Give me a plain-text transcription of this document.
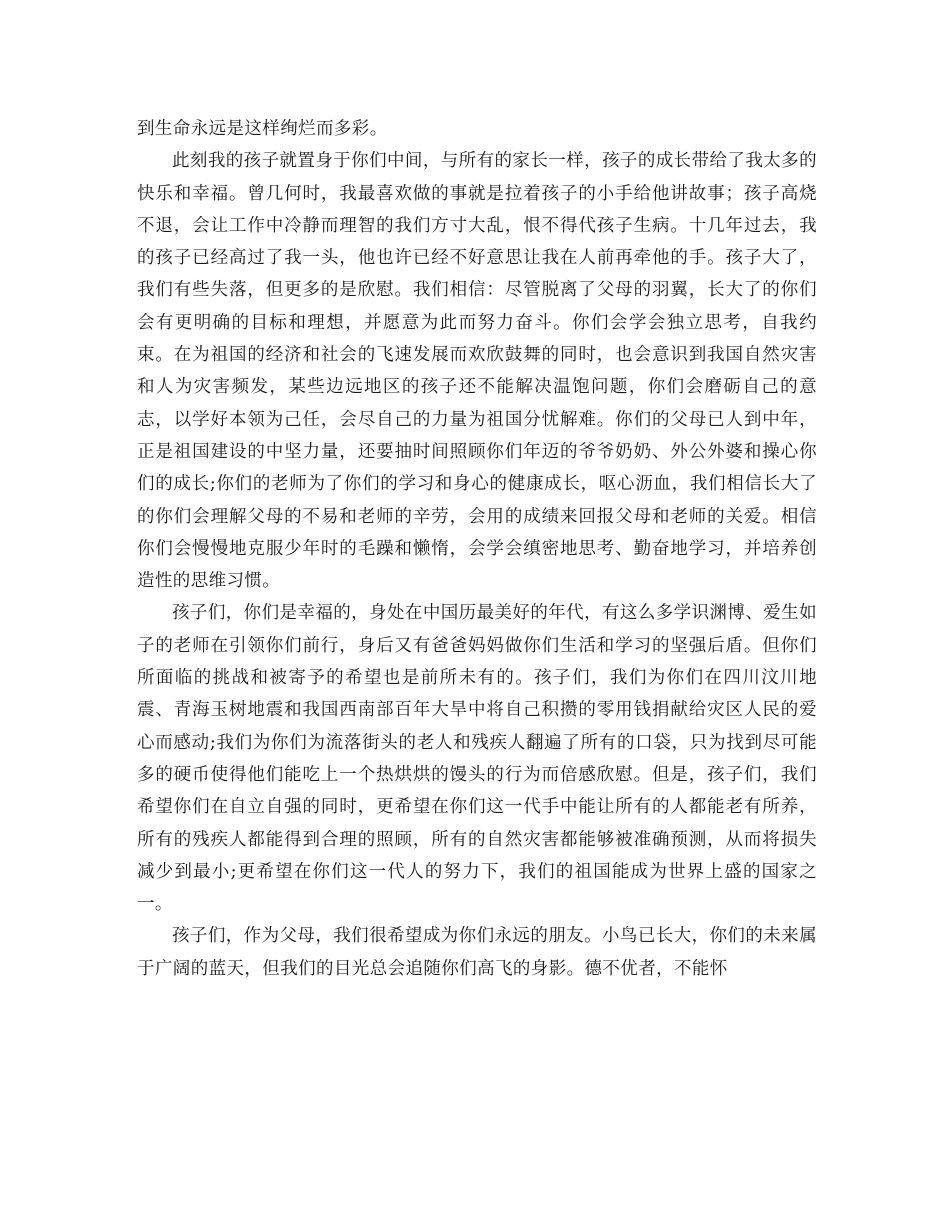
到生命永远是这样绚烂而多彩。

此刻我的孩子就置身于你们中间，与所有的家长一样，孩子的成长带给了我太多的快乐和幸福。曾几何时，我最喜欢做的事就是拉着孩子的小手给他讲故事；孩子高烧不退，会让工作中冷静而理智的我们方寸大乱，恨不得代孩子生病。十几年过去，我的孩子已经高过了我一头，他也许已经不好意思让我在人前再牵他的手。孩子大了，我们有些失落，但更多的是欣慰。我们相信：尽管脱离了父母的羽翼，长大了的你们会有更明确的目标和理想，并愿意为此而努力奋斗。你们会学会独立思考，自我约束。在为祖国的经济和社会的飞速发展而欢欣鼓舞的同时，也会意识到我国自然灾害和人为灾害频发，某些边远地区的孩子还不能解决温饱问题，你们会磨砺自己的意志，以学好本领为己任，会尽自己的力量为祖国分忧解难。你们的父母已人到中年，正是祖国建设的中坚力量，还要抽时间照顾你们年迈的爷爷奶奶、外公外婆和操心你们的成长;你们的老师为了你们的学习和身心的健康成长，呕心沥血，我们相信长大了的你们会理解父母的不易和老师的辛劳，会用的成绩来回报父母和老师的关爱。相信你们会慢慢地克服少年时的毛躁和懒惰，会学会缜密地思考、勤奋地学习，并培养创造性的思维习惯。

孩子们，你们是幸福的，身处在中国历最美好的年代，有这么多学识渊博、爱生如子的老师在引领你们前行，身后又有爸爸妈妈做你们生活和学习的坚强后盾。但你们所面临的挑战和被寄予的希望也是前所未有的。孩子们，我们为你们在四川汶川地震、青海玉树地震和我国西南部百年大旱中将自己积攒的零用钱捐献给灾区人民的爱心而感动;我们为你们为流落街头的老人和残疾人翻遍了所有的口袋，只为找到尽可能多的硬币使得他们能吃上一个热烘烘的馒头的行为而倍感欣慰。但是，孩子们，我们希望你们在自立自强的同时，更希望在你们这一代手中能让所有的人都能老有所养，所有的残疾人都能得到合理的照顾，所有的自然灾害都能够被准确预测，从而将损失减少到最小;更希望在你们这一代人的努力下，我们的祖国能成为世界上盛的国家之一。

孩子们，作为父母，我们很希望成为你们永远的朋友。小鸟已长大，你们的未来属于广阔的蓝天，但我们的目光总会追随你们高飞的身影。德不优者，不能怀
